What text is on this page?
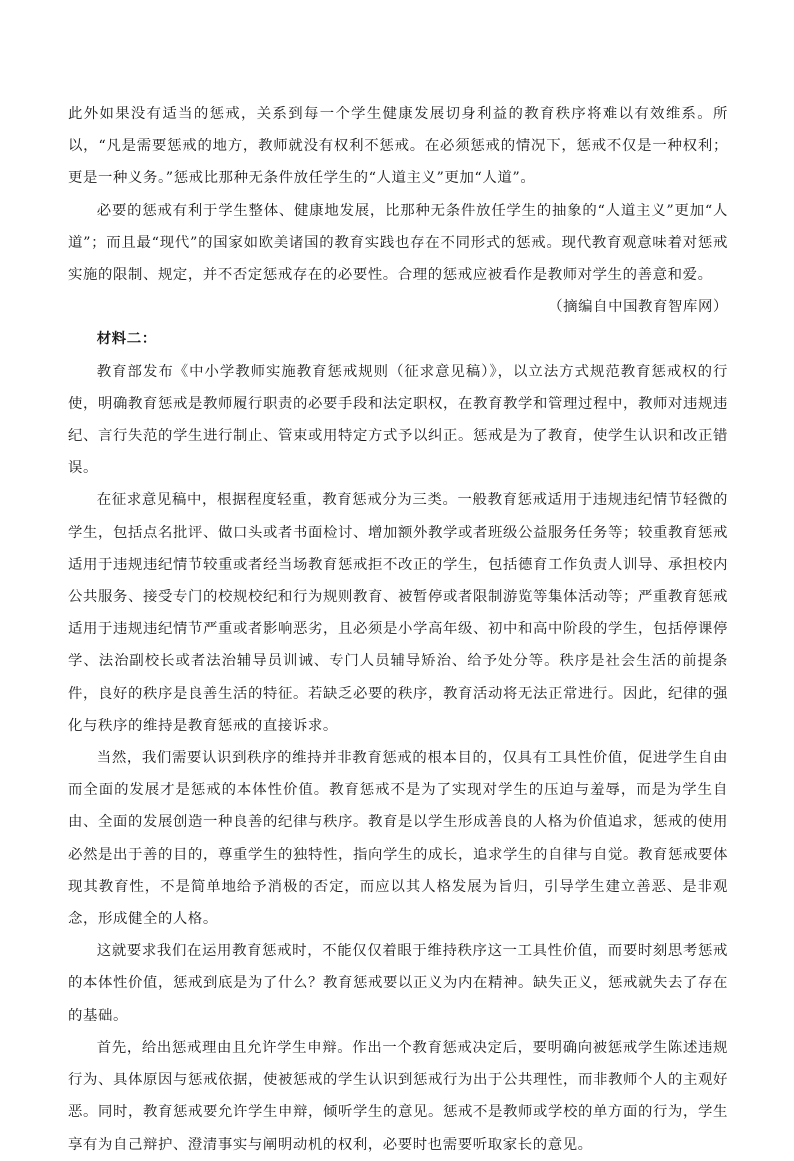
此外如果没有适当的惩戒，关系到每一个学生健康发展切身利益的教育秩序将难以有效维系。所以，“凡是需要惩戒的地方，教师就没有权利不惩戒。在必须惩戒的情况下，惩戒不仅是一种权利；更是一种义务。”惩戒比那种无条件放任学生的“人道主义”更加“人道”。

必要的惩戒有利于学生整体、健康地发展，比那种无条件放任学生的抽象的“人道主义”更加“人道”；而且最“现代”的国家如欧美诸国的教育实践也存在不同形式的惩戒。现代教育观意味着对惩戒实施的限制、规定，并不否定惩戒存在的必要性。合理的惩戒应被看作是教师对学生的善意和爱。

（摘编自中国教育智库网）

材料二：

教育部发布《中小学教师实施教育惩戒规则（征求意见稿）》，以立法方式规范教育惩戒权的行使，明确教育惩戒是教师履行职责的必要手段和法定职权，在教育教学和管理过程中，教师对违规违纪、言行失范的学生进行制止、管束或用特定方式予以纠正。惩戒是为了教育，使学生认识和改正错误。

在征求意见稿中，根据程度轻重，教育惩戒分为三类。一般教育惩戒适用于违规违纪情节轻微的学生，包括点名批评、做口头或者书面检讨、增加额外教学或者班级公益服务任务等；较重教育惩戒适用于违规违纪情节较重或者经当场教育惩戒拒不改正的学生，包括德育工作负责人训导、承担校内公共服务、接受专门的校规校纪和行为规则教育、被暂停或者限制游览等集体活动等；严重教育惩戒适用于违规违纪情节严重或者影响恶劣，且必须是小学高年级、初中和高中阶段的学生，包括停课停学、法治副校长或者法治辅导员训诫、专门人员辅导矫治、给予处分等。秩序是社会生活的前提条件，良好的秩序是良善生活的特征。若缺乏必要的秩序，教育活动将无法正常进行。因此，纪律的强化与秩序的维持是教育惩戒的直接诉求。

当然，我们需要认识到秩序的维持并非教育惩戒的根本目的，仅具有工具性价值，促进学生自由而全面的发展才是惩戒的本体性价值。教育惩戒不是为了实现对学生的压迫与羞辱，而是为学生自由、全面的发展创造一种良善的纪律与秩序。教育是以学生形成善良的人格为价值追求，惩戒的使用必然是出于善的目的，尊重学生的独特性，指向学生的成长，追求学生的自律与自觉。教育惩戒要体现其教育性，不是简单地给予消极的否定，而应以其人格发展为旨归，引导学生建立善恶、是非观念，形成健全的人格。

这就要求我们在运用教育惩戒时，不能仅仅着眼于维持秩序这一工具性价值，而要时刻思考惩戒的本体性价值，惩戒到底是为了什么？教育惩戒要以正义为内在精神。缺失正义，惩戒就失去了存在的基础。

首先，给出惩戒理由且允许学生申辩。作出一个教育惩戒决定后，要明确向被惩戒学生陈述违规行为、具体原因与惩戒依据，使被惩戒的学生认识到惩戒行为出于公共理性，而非教师个人的主观好恶。同时，教育惩戒要允许学生申辩，倾听学生的意见。惩戒不是教师或学校的单方面的行为，学生享有为自己辩护、澄清事实与阐明动机的权利，必要时也需要听取家长的意见。
